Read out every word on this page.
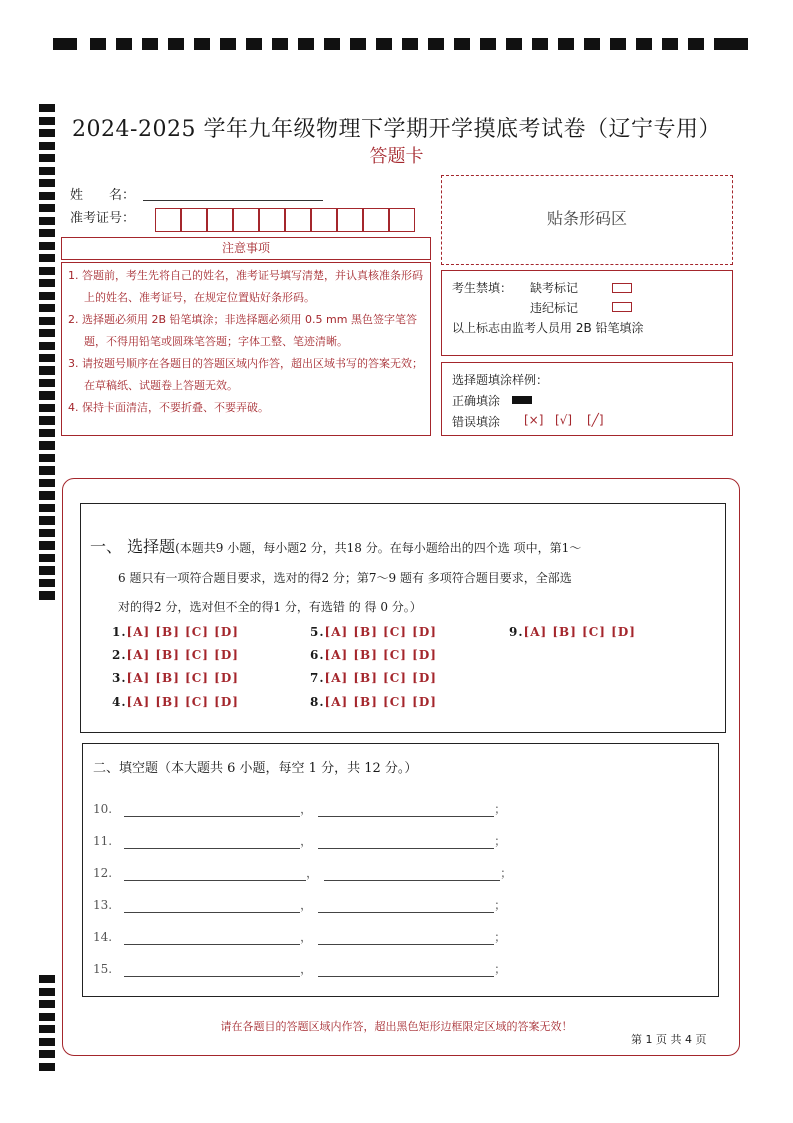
2024-2025 学年九年级物理下学期开学摸底考试卷（辽宁专用）
答题卡
姓　　名：
准考证号：	贴条形码区
注意事项
1. 答题前，考生先将自己的姓名，准考证号填写清楚，并认真核准条形码上的姓名、准考证号，在规定位置贴好条形码。
2. 选择题必须用 2B 铅笔填涂；非选择题必须用 0.5 mm 黑色签字笔答题，不得用铅笔或圆珠笔答题；字体工整、笔迹清晰。
3. 请按题号顺序在各题目的答题区域内作答，超出区域书写的答案无效；在草稿纸、试题卷上答题无效。
4. 保持卡面清洁，不要折叠、不要弄破。
考生禁填： 缺考标记
违纪标记
以上标志由监考人员用 2B 铅笔填涂
选择题填涂样例：
正确填涂
错误填涂 [×] [√] [╱]
一、 选择题(本题共9 小题，每小题2 分，共18 分。在每小题给出的四个选 项中，第1～
6 题只有一项符合题目要求，选对的得2 分；第7～9 题有 多项符合题目要求，全部选
对的得2 分，选对但不全的得1 分，有选错 的 得 0 分。）
1.[A] [B] [C] [D]
2.[A] [B] [C] [D]
3.[A] [B] [C] [D]
4.[A] [B] [C] [D]
5.[A] [B] [C] [D]
6.[A] [B] [C] [D]
7.[A] [B] [C] [D]
8.[A] [B] [C] [D]
9.[A] [B] [C] [D]
二、填空题（本大题共 6 小题，每空 1 分，共 12 分。）
10.　	，　	；
11.　	，　	；
12.　	，　	；
13.　	，　	；
14.　	，　	；
15.　	，　	；
请在各题目的答题区域内作答，超出黑色矩形边框限定区域的答案无效！
第 1 页 共 4 页
